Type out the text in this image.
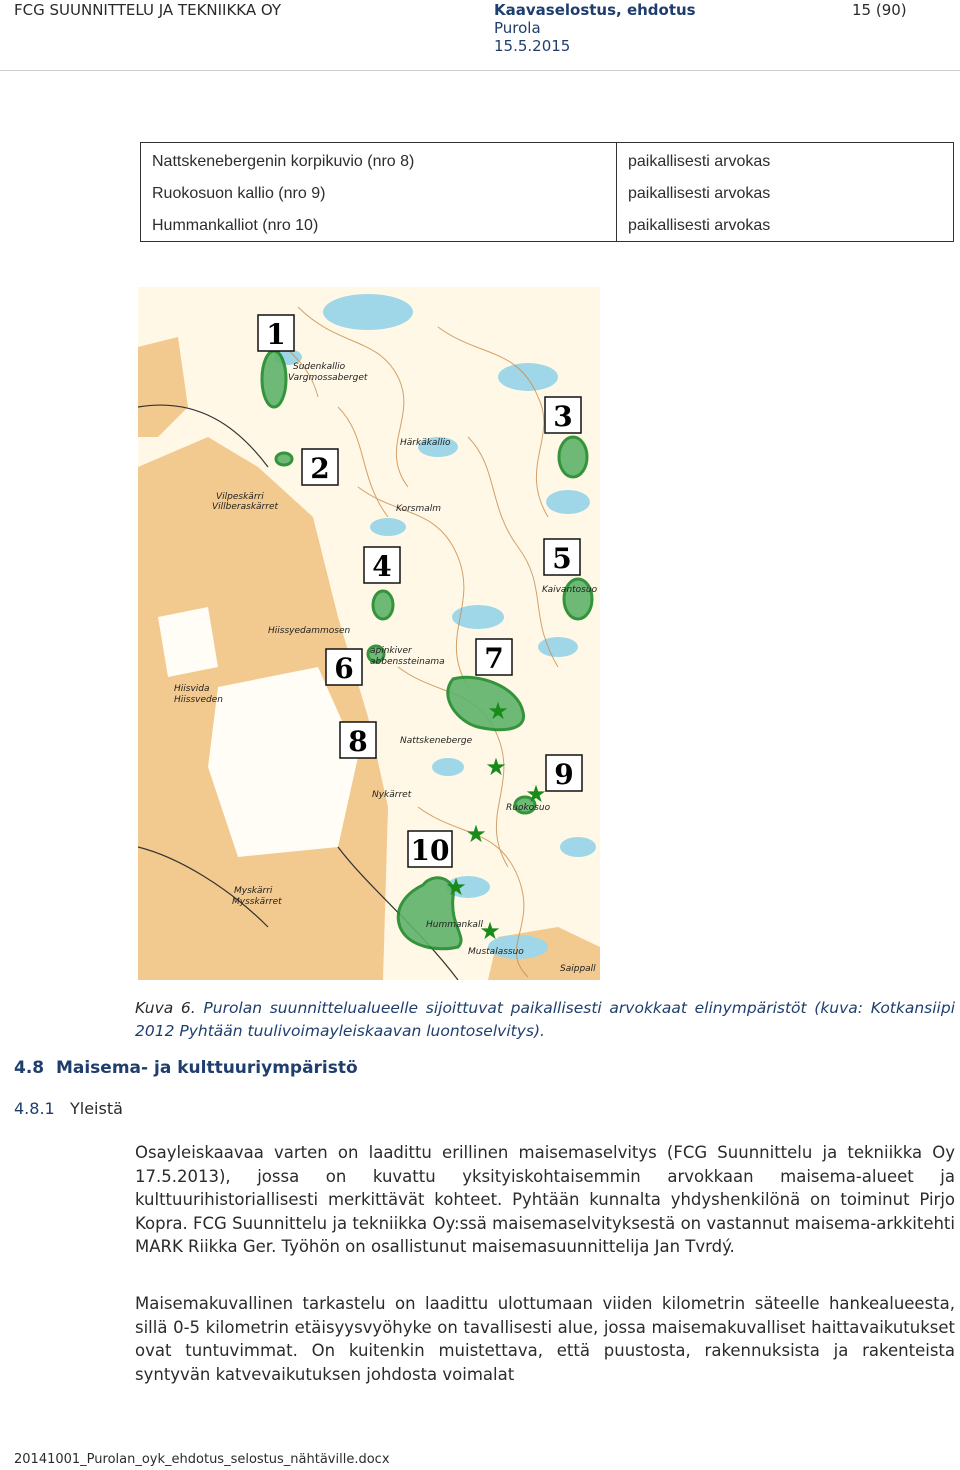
FCG SUUNNITTELU JA TEKNIIKKA OY	Kaavaselostus, ehdotus
Purola
15.5.2015
15 (90)
Nattskenebergenin korpikuvio (nro 8)	paikallisesti arvokas
Ruokosuon kallio (nro 9)	paikallisesti arvokas
Hummankalliot (nro 10)	paikallisesti arvokas
1
2
3
4	5
6	7
8
9
10
★
★
★
★
★
★
Sudenkallio
Vargmossaberget
Härkäkallio
Korsmalm
Vilpeskärri
Villberaskärret
Kaivantosuo
Hiissyedammosen
apinkiver
abbenssteinama
Hiisvida
Hiissveden
Nattskeneberge
Nykärret
Ruokosuo
Myskärri
Mysskärret
Hummankall
Mustalassuo
Saippall
Kuva 6. Purolan suunnittelualueelle sijoittuvat paikallisesti arvokkaat elinympäristöt (kuva: Kotkansiipi 2012 Pyhtään tuulivoimayleiskaavan luontoselvitys).
4.8 Maisema- ja kulttuuriympäristö
4.8.1 Yleistä
Osayleiskaavaa varten on laadittu erillinen maisemaselvitys (FCG Suunnittelu ja tekniikka Oy 17.5.2013), jossa on kuvattu yksityiskohtaisemmin arvokkaan maisema-alueet ja kulttuurihistoriallisesti merkittävät kohteet. Pyhtään kunnalta yhdyshenkilönä on toiminut Pirjo Kopra. FCG Suunnittelu ja tekniikka Oy:ssä maisemaselvityksestä on vastannut maisema-arkkitehti MARK Riikka Ger. Työhön on osallistunut maisemasuunnittelija Jan Tvrdý.
Maisemakuvallinen tarkastelu on laadittu ulottumaan viiden kilometrin säteelle hankealueesta, sillä 0-5 kilometrin etäisyysvyöhyke on tavallisesti alue, jossa maisemakuvalliset haittavaikutukset ovat tuntuvimmat. On kuitenkin muistettava, että puustosta, rakennuksista ja rakenteista syntyvän katvevaikutuksen johdosta voimalat
20141001_Purolan_oyk_ehdotus_selostus_nähtäville.docx
